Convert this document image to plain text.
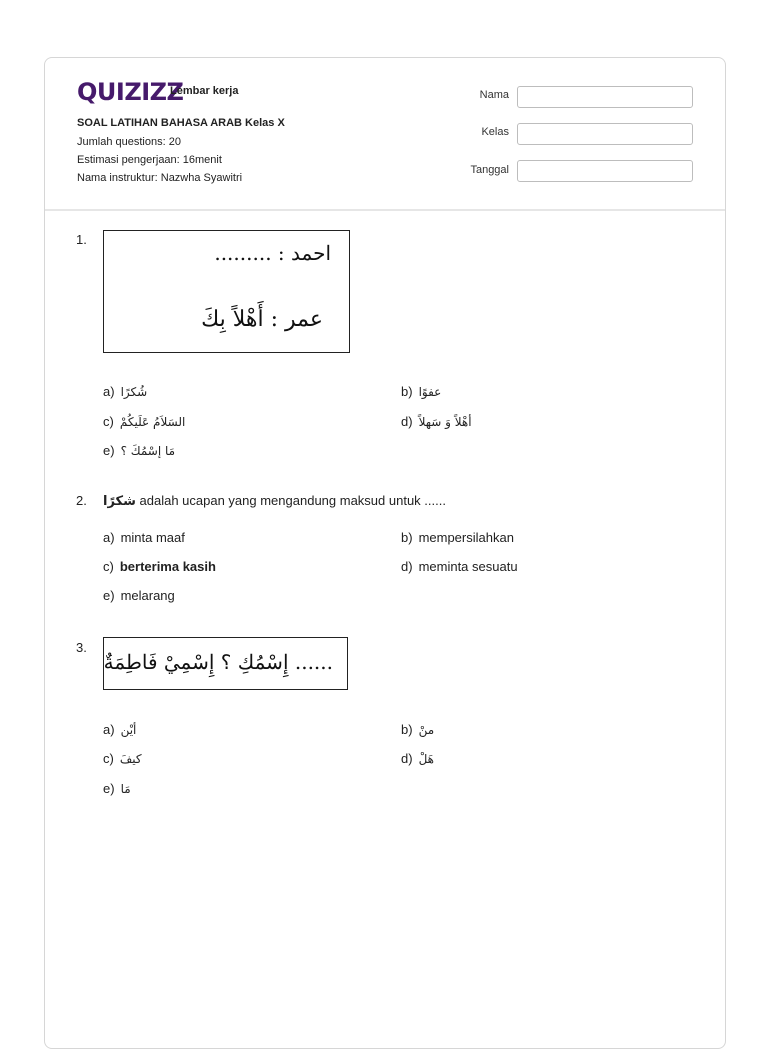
QUIZIZZ
Lembar kerja
SOAL LATIHAN BAHASA ARAB Kelas X
Jumlah questions: 20
Estimasi pengerjaan: 16menit
Nama instruktur: Nazwha Syawitri
Nama
Kelas
Tanggal
1.
احمد : .........
عمر : أَهْلاً بِكَ
a) شُكرًا	b) عفوًا
c) السَلاَمُ عَلَيكُمْ	d) أهْلاً وَ سَهلاً
e) مَا إسْمُكَ ؟
2. شكرًا adalah ucapan yang mengandung maksud untuk ......
a) minta maaf	b) mempersilahkan
c) berterima kasih	d) meminta sesuatu
e) melarang
3.
...... إِسْمُكِ ؟ إِسْمِيْ فَاطِمَةٌ
a) أيْن	b) منْ
c) كيفَ	d) هَلْ
e) مَا
